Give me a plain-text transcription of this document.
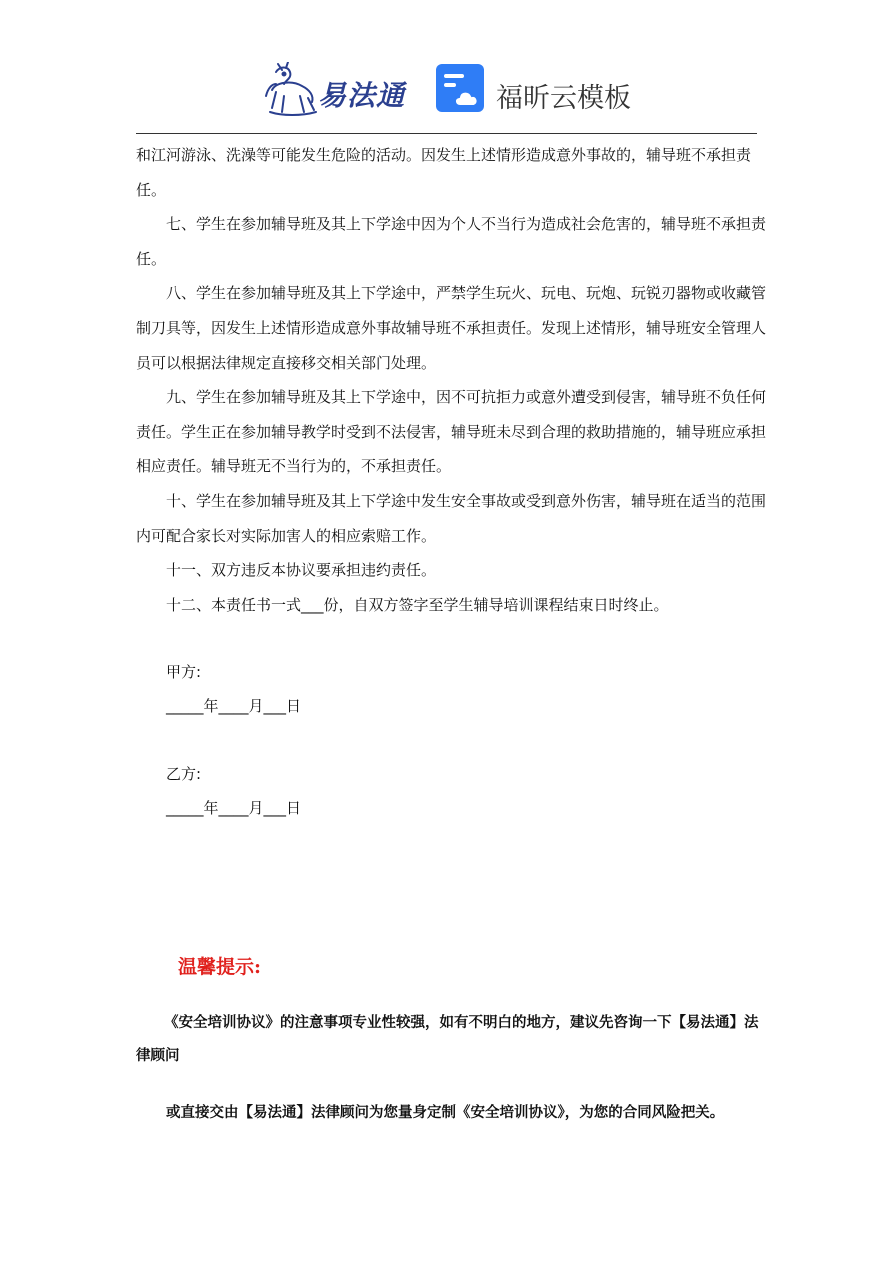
易法通	福昕云模板

和江河游泳、洗澡等可能发生危险的活动。因发生上述情形造成意外事故的，辅导班不承担责任。

七、学生在参加辅导班及其上下学途中因为个人不当行为造成社会危害的，辅导班不承担责任。

八、学生在参加辅导班及其上下学途中，严禁学生玩火、玩电、玩炮、玩锐刃器物或收藏管制刀具等，因发生上述情形造成意外事故辅导班不承担责任。发现上述情形，辅导班安全管理人员可以根据法律规定直接移交相关部门处理。

九、学生在参加辅导班及其上下学途中，因不可抗拒力或意外遭受到侵害，辅导班不负任何责任。学生正在参加辅导教学时受到不法侵害，辅导班未尽到合理的救助措施的，辅导班应承担相应责任。辅导班无不当行为的，不承担责任。

十、学生在参加辅导班及其上下学途中发生安全事故或受到意外伤害，辅导班在适当的范围内可配合家长对实际加害人的相应索赔工作。

十一、双方违反本协议要承担违约责任。

十二、本责任书一式___份，自双方签字至学生辅导培训课程结束日时终止。

甲方:
_____年____月___日
乙方:
_____年____月___日
温馨提示:

《安全培训协议》的注意事项专业性较强，如有不明白的地方，建议先咨询一下【易法通】法律顾问

或直接交由【易法通】法律顾问为您量身定制《安全培训协议》，为您的合同风险把关。
